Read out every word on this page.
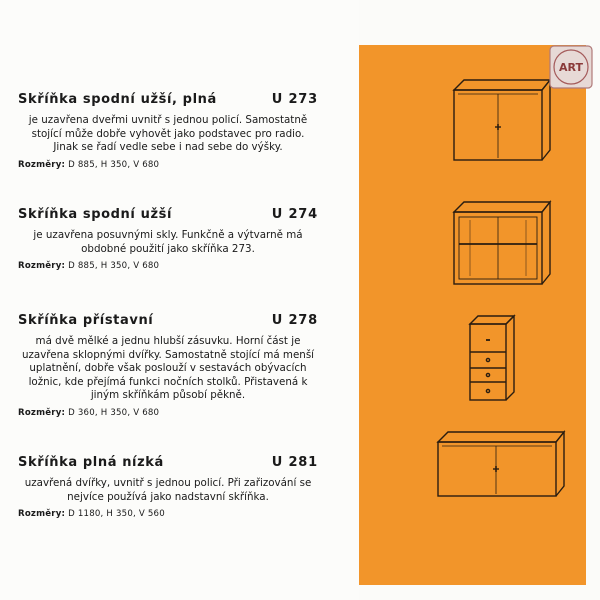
Skříňka spodní užší, plná	U 273
je uzavřena dveřmi uvnitř s jednou policí. Samostatně stojící může dobře vyhovět jako podstavec pro radio. Jinak se řadí vedle sebe i nad sebe do výšky.
Rozměry: D 885, H 350, V 680
Skříňka spodní užší	U 274
je uzavřena posuvnými skly. Funkčně a výtvarně má obdobné použití jako skříňka 273.
Rozměry: D 885, H 350, V 680
Skříňka přístavní	U 278
má dvě mělké a jednu hlubší zásuvku. Horní část je uzavřena sklopnými dvířky. Samostatně stojící má menší uplatnění, dobře však poslouží v sestavách obývacích ložnic, kde přejímá funkci nočních stolků. Přistavená k jiným skříňkám působí pěkně.
Rozměry: D 360, H 350, V 680
Skříňka plná nízká	U 281
uzavřená dvířky, uvnitř s jednou policí. Při zařizování se nejvíce používá jako nadstavní skříňka.
Rozměry: D 1180, H 350, V 560
ART
